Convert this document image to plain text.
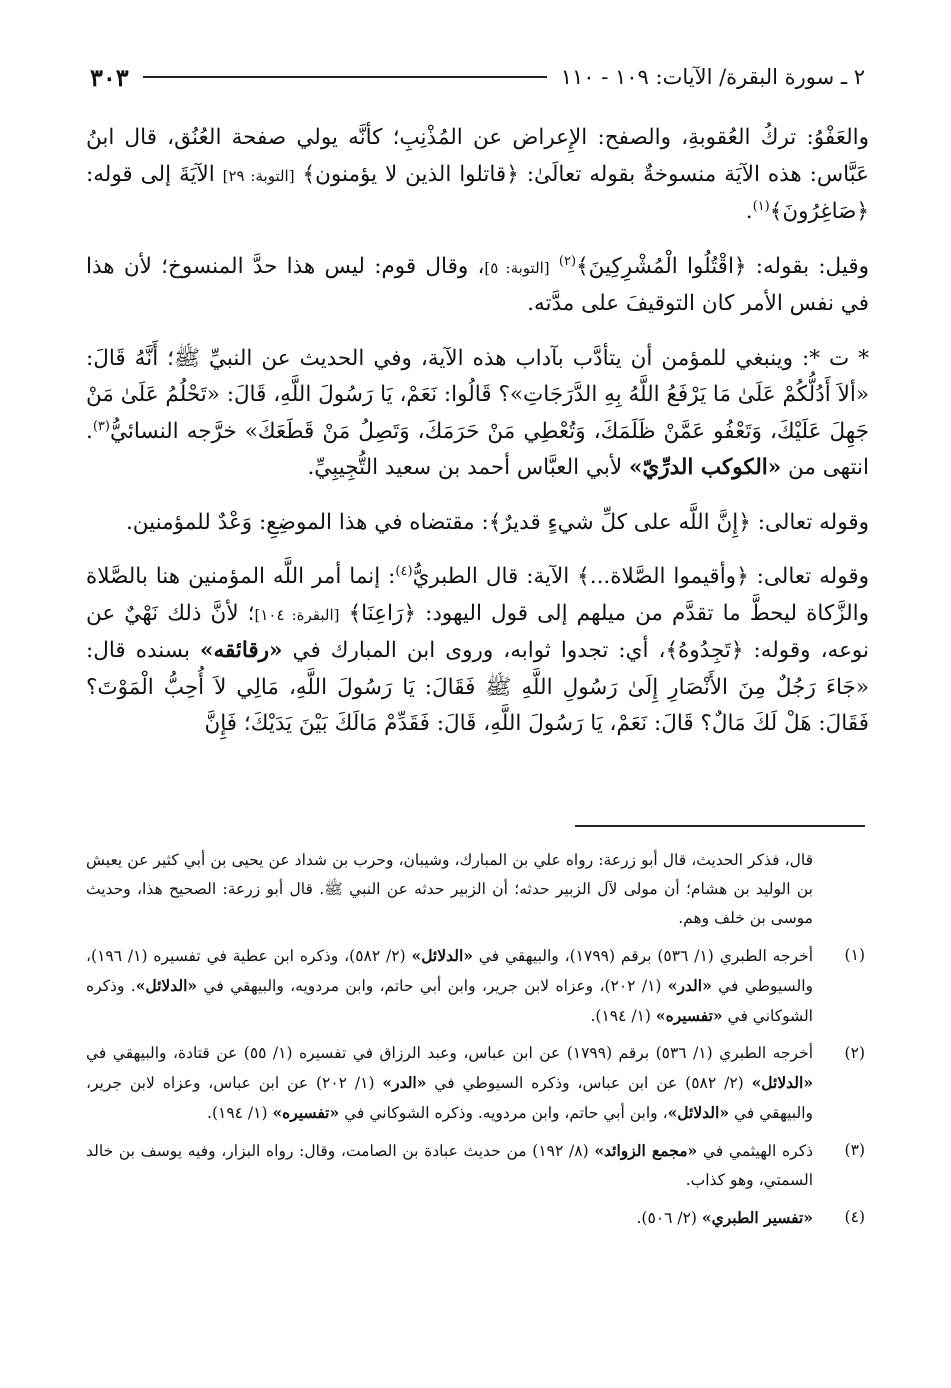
٢ ـ سورة البقرة/ الآيات: ١٠٩ - ١١٠
٣٠٣

والعَفْوُ: تركُ العُقوبةِ، والصفح: الإِعراض عن المُذْنِبِ؛ كأنَّه يولي صفحة العُنُق، قال ابنُ عَبَّاس: هذه الآيَة منسوخةٌ بقوله تعالَىٰ: ﴿قاتلوا الذين لا يؤمنون﴾ [التوبة: ٢٩] الآيَةَ إلى قوله: ﴿صَاغِرُونَ﴾$^{(١)}$.

وقيل: بقوله: ﴿اقْتُلُوا الْمُشْرِكِينَ﴾$^{(٢)}$ [التوبة: ٥]، وقال قوم: ليس هذا حدَّ المنسوخ؛ لأن هذا في نفس الأمر كان التوقيفَ على مدَّته.

* ت *: وينبغي للمؤمن أن يتأدَّب بآداب هذه الآية، وفي الحديث عن النبيِّ ﷺ؛ أَنَّهُ قَالَ: «ألاَ أَدُلُّكُمْ عَلَىٰ مَا يَرْفَعُ اللَّهُ بِهِ الدَّرَجَاتِ»؟ قَالُوا: نَعَمْ، يَا رَسُولَ اللَّهِ، قَالَ: «تَحْلُمُ عَلَىٰ مَنْ جَهِلَ عَلَيْكَ، وَتَعْفُو عَمَّنْ ظَلَمَكَ، وَتُعْطِي مَنْ حَرَمَكَ، وَتَصِلُ مَنْ قَطَعَكَ» خرَّجه النسائيُّ$^{(٣)}$. انتهى من «الكوكب الدرِّيّ» لأبي العبَّاس أحمد بن سعيد التُّجِيبِيِّ.

وقوله تعالى: ﴿إِنَّ اللَّه على كلِّ شيءٍ قديرٌ﴾: مقتضاه في هذا الموضِعِ: وَعْدٌ للمؤمنين.

وقوله تعالى: ﴿وأقيموا الصَّلاة...﴾ الآية: قال الطبريُّ$^{(٤)}$: إنما أمر اللَّه المؤمنين هنا بالصَّلاة والزَّكاة ليحطَّ ما تقدَّم من ميلهم إلى قول اليهود: ﴿رَاعِنَا﴾ [البقرة: ١٠٤]؛ لأنَّ ذلك نَهْيٌ عن نوعه، وقوله: ﴿تَجِدُوهُ﴾، أي: تجدوا ثوابه، وروى ابن المبارك في «رقائقه» بسنده قال: «جَاءَ رَجُلٌ مِنَ الأَنْصَارِ إِلَىٰ رَسُولِ اللَّهِ ﷺ فَقَالَ: يَا رَسُولَ اللَّهِ، مَالِي لاَ أُحِبُّ الْمَوْتَ؟ فَقَالَ: هَلْ لَكَ مَالٌ؟ قَالَ: نَعَمْ، يَا رَسُولَ اللَّهِ، قَالَ: فَقَدِّمْ مَالَكَ بَيْنَ يَدَيْكَ؛ فَإِنَّ

قال، فذكر الحديث، قال أبو زرعة: رواه علي بن المبارك، وشيبان، وحرب بن شداد عن يحيى بن أبي كثير عن يعيش بن الوليد بن هشام؛ أن مولى لآل الزبير حدثه؛ أن الزبير حدثه عن النبي ﷺ. قال أبو زرعة: الصحيح هذا، وحديث موسى بن خلف وهم.
(١)
أخرجه الطبري (١/ ٥٣٦) برقم (١٧٩٩)، والبيهقي في «الدلائل» (٢/ ٥٨٢)، وذكره ابن عطية في تفسيره (١/ ١٩٦)، والسيوطي في «الدر» (١/ ٢٠٢)، وعزاه لابن جرير، وابن أبي حاتم، وابن مردويه، والبيهقي في «الدلائل». وذكره الشوكاني في «تفسيره» (١/ ١٩٤).
(٢)
أخرجه الطبري (١/ ٥٣٦) برقم (١٧٩٩) عن ابن عباس، وعبد الرزاق في تفسيره (١/ ٥٥) عن قتادة، والبيهقي في «الدلائل» (٢/ ٥٨٢) عن ابن عباس، وذكره السيوطي في «الدر» (١/ ٢٠٢) عن ابن عباس، وعزاه لابن جرير، والبيهقي في «الدلائل»، وابن أبي حاتم، وابن مردويه. وذكره الشوكاني في «تفسيره» (١/ ١٩٤).
(٣)
ذكره الهيثمي في «مجمع الزوائد» (٨/ ١٩٢) من حديث عبادة بن الصامت، وقال: رواه البزار، وفيه يوسف بن خالد السمتي، وهو كذاب.
(٤)
«تفسير الطبري» (٢/ ٥٠٦).
